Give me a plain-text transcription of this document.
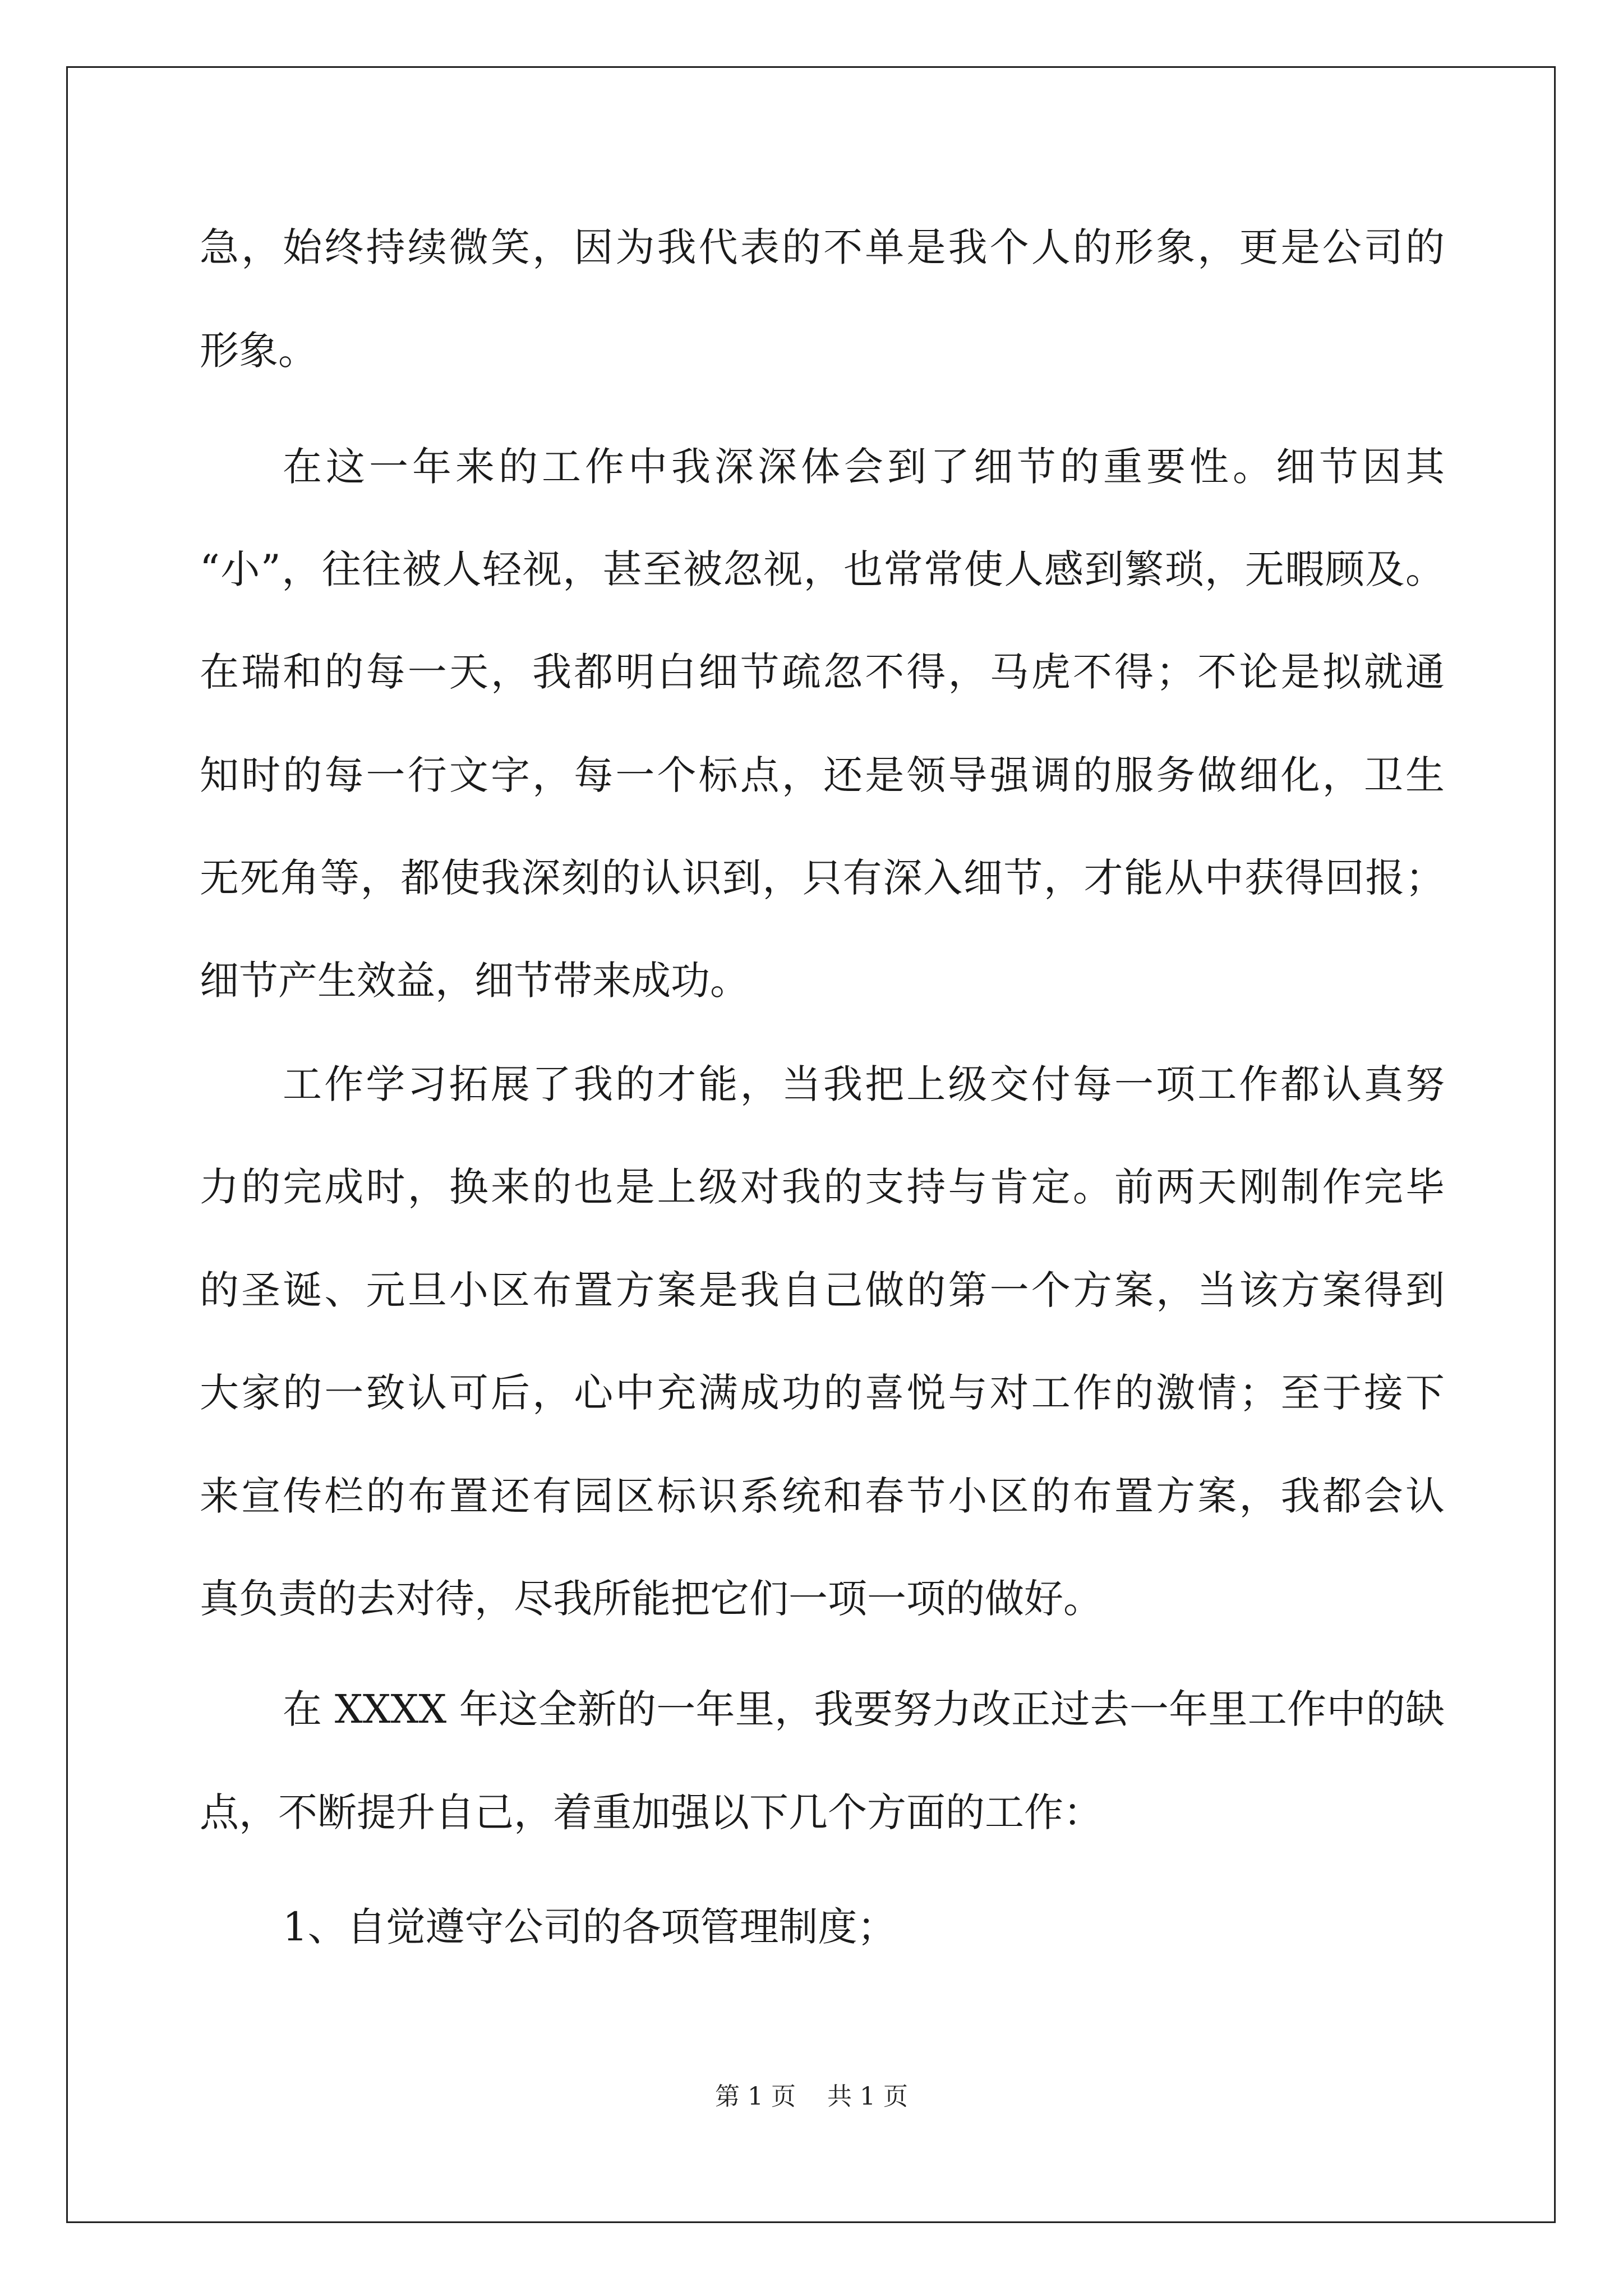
急，始终持续微笑，因为我代表的不单是我个人的形象，更是公司的
形象。
在这一年来的工作中我深深体会到了细节的重要性。细节因其
“小”，往往被人轻视，甚至被忽视，也常常使人感到繁琐，无暇顾及。
在瑞和的每一天，我都明白细节疏忽不得，马虎不得；不论是拟就通
知时的每一行文字，每一个标点，还是领导强调的服务做细化，卫生
无死角等，都使我深刻的认识到，只有深入细节，才能从中获得回报；
细节产生效益，细节带来成功。
工作学习拓展了我的才能，当我把上级交付每一项工作都认真努
力的完成时，换来的也是上级对我的支持与肯定。前两天刚制作完毕
的圣诞、元旦小区布置方案是我自己做的第一个方案，当该方案得到
大家的一致认可后，心中充满成功的喜悦与对工作的激情；至于接下
来宣传栏的布置还有园区标识系统和春节小区的布置方案，我都会认
真负责的去对待，尽我所能把它们一项一项的做好。
在 XXXX 年这全新的一年里，我要努力改正过去一年里工作中的缺
点，不断提升自己，着重加强以下几个方面的工作：
1、自觉遵守公司的各项管理制度；
第 1 页 共 1 页
